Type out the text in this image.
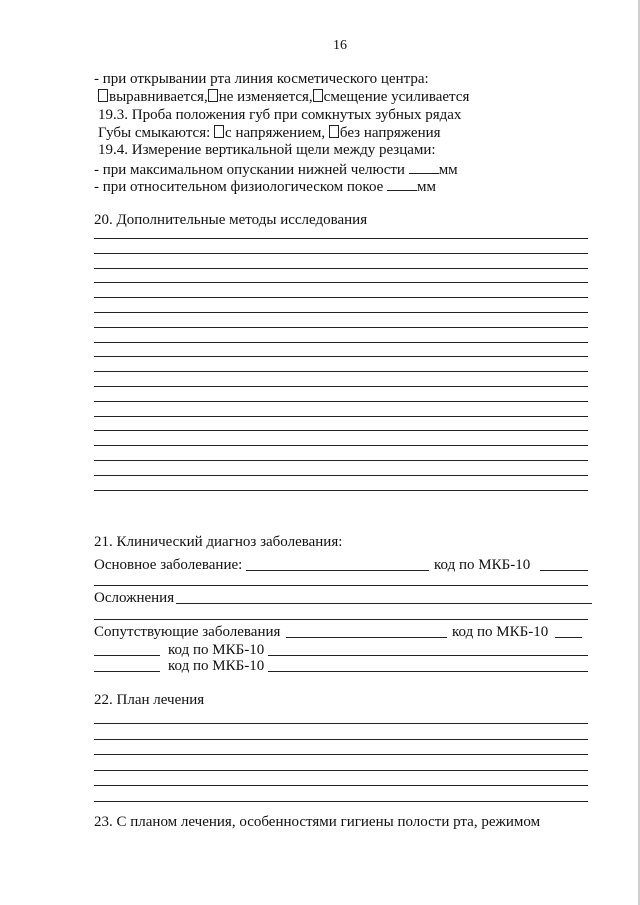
16
- при открывании рта линия косметического центра:
выравнивается, не изменяется, смещение усиливается
19.3. Проба положения губ при сомкнутых зубных рядах
Губы смыкаются: с напряжением, без напряжения
19.4. Измерение вертикальной щели между резцами:
- при максимальном опускании нижней челюсти мм
- при относительном физиологическом покое мм
20. Дополнительные методы исследования
21. Клинический диагноз заболевания:
Основное заболевание:	код по МКБ-10
Осложнения
Сопутствующие заболевания	код по МКБ-10
код по МКБ-10
код по МКБ-10
22. План лечения
23. С планом лечения, особенностями гигиены полости рта, режимом
